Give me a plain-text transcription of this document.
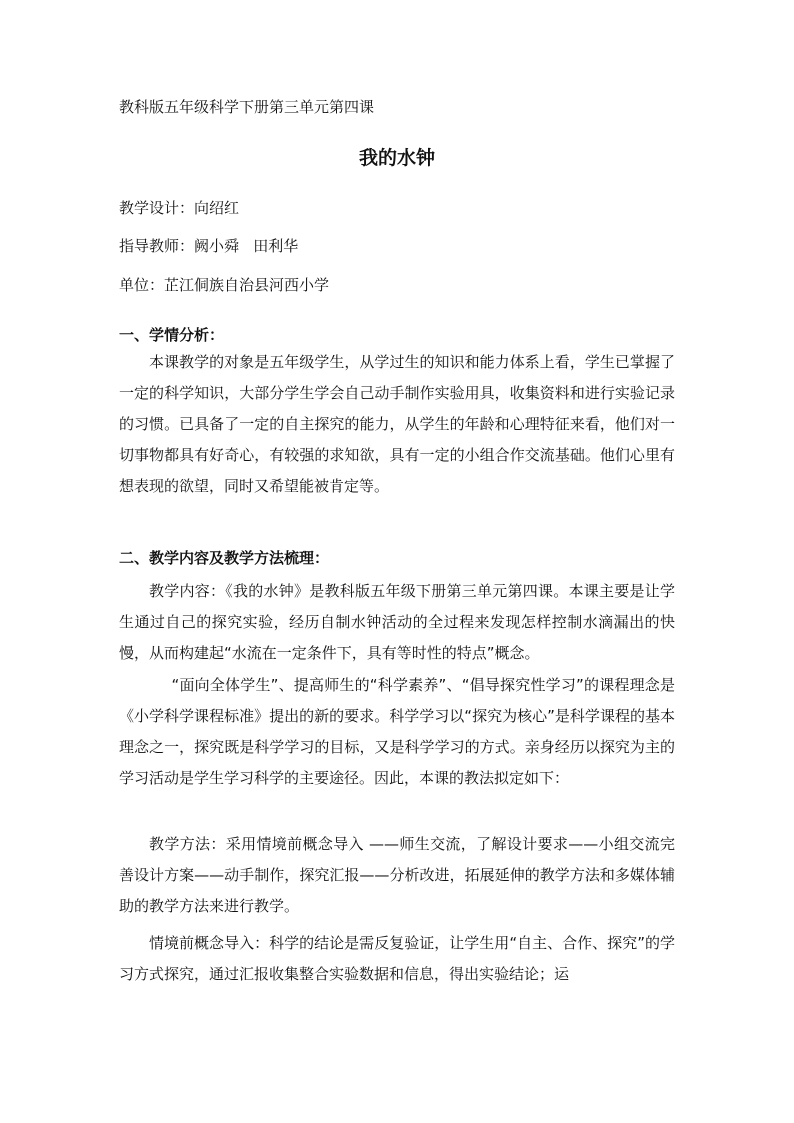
教科版五年级科学下册第三单元第四课
我的水钟
教学设计：向绍红
指导教师：阙小舜   田利华
单位：芷江侗族自治县河西小学
一、学情分析：

本课教学的对象是五年级学生，从学过生的知识和能力体系上看，学生已掌握了一定的科学知识，大部分学生学会自己动手制作实验用具，收集资料和进行实验记录的习惯。已具备了一定的自主探究的能力，从学生的年龄和心理特征来看，他们对一切事物都具有好奇心，有较强的求知欲，具有一定的小组合作交流基础。他们心里有想表现的欲望，同时又希望能被肯定等。

二、教学内容及教学方法梳理：

教学内容：《我的水钟》是教科版五年级下册第三单元第四课。本课主要是让学生通过自己的探究实验，经历自制水钟活动的全过程来发现怎样控制水滴漏出的快慢，从而构建起“水流在一定条件下，具有等时性的特点”概念。

“面向全体学生”、提高师生的“科学素养”、“倡导探究性学习”的课程理念是《小学科学课程标准》提出的新的要求。科学学习以“探究为核心”是科学课程的基本理念之一，探究既是科学学习的目标，又是科学学习的方式。亲身经历以探究为主的学习活动是学生学习科学的主要途径。因此，本课的教法拟定如下：

教学方法：采用情境前概念导入 ——师生交流，了解设计要求——小组交流完善设计方案——动手制作，探究汇报——分析改进，拓展延伸的教学方法和多媒体辅助的教学方法来进行教学。

情境前概念导入：科学的结论是需反复验证，让学生用“自主、合作、探究”的学习方式探究，通过汇报收集整合实验数据和信息，得出实验结论；运
